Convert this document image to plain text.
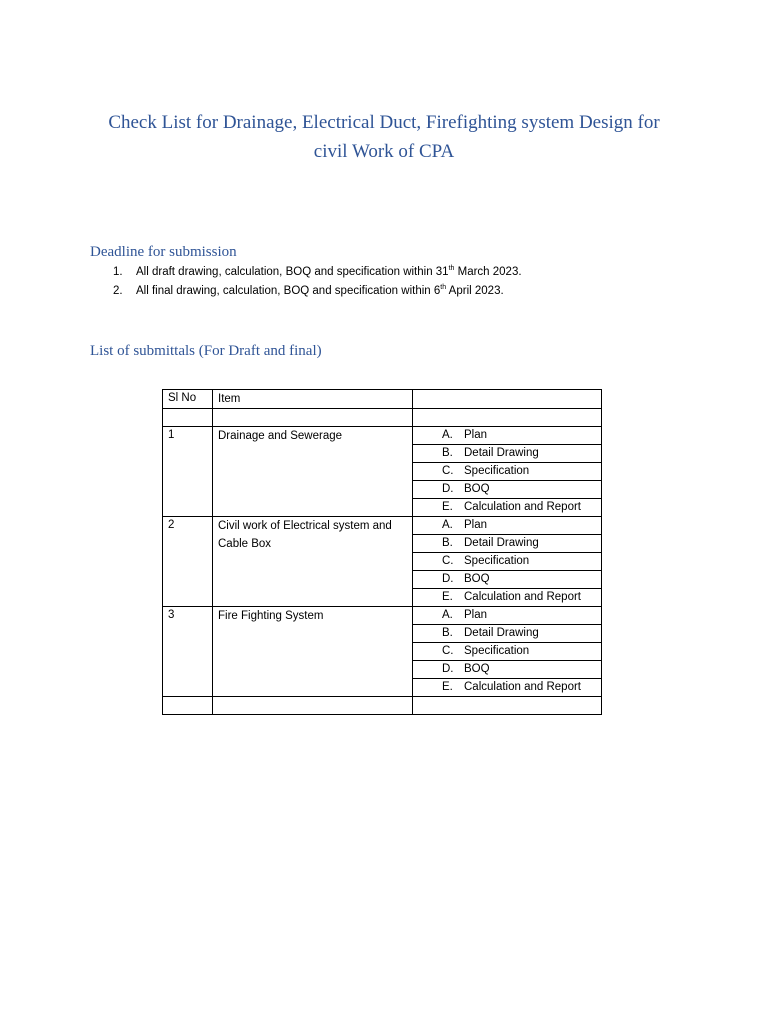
Check List for Drainage, Electrical Duct, Firefighting system Design for
civil Work of CPA
Deadline for submission
1. All draft drawing, calculation, BOQ and specification within 31th March 2023.
2. All final drawing, calculation, BOQ and specification within 6th April 2023.
List of submittals (For Draft and final)
Sl No	Item	

1	Drainage and Sewerage	A. Plan

		B. Detail Drawing

		C. Specification

		D. BOQ

		E. Calculation and Report

2	Civil work of Electrical system and Cable Box	A. Plan

		B. Detail Drawing

		C. Specification

		D. BOQ

		E. Calculation and Report

3	Fire Fighting System	A. Plan

		B. Detail Drawing

		C. Specification

		D. BOQ

		E. Calculation and Report
